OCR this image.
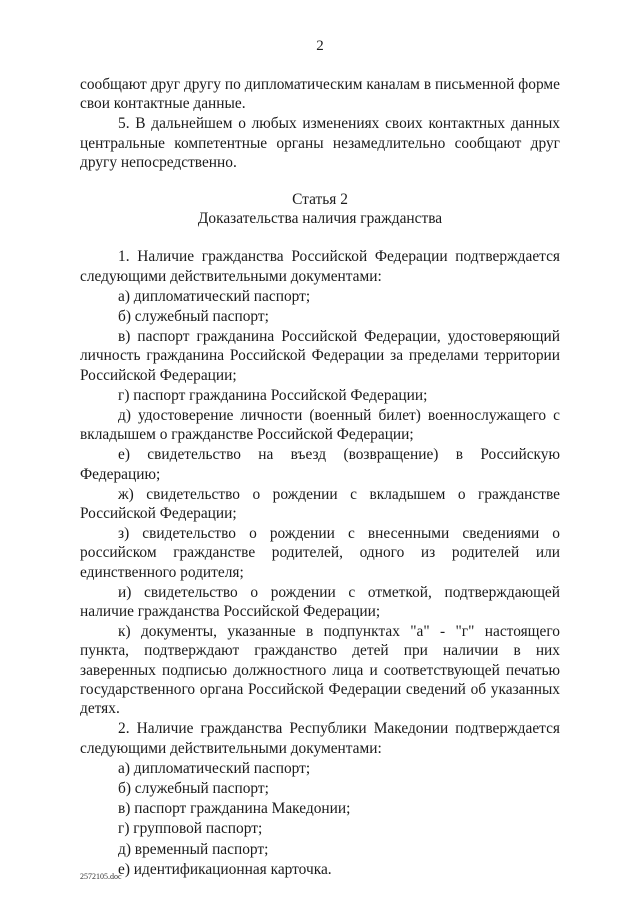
2

сообщают друг другу по дипломатическим каналам в письменной форме свои контактные данные.

5. В дальнейшем о любых изменениях своих контактных данных центральные компетентные органы незамедлительно сообщают друг другу непосредственно.

Статья 2

Доказательства наличия гражданства

1. Наличие гражданства Российской Федерации подтверждается следующими действительными документами:

а) дипломатический паспорт;

б) служебный паспорт;

в) паспорт гражданина Российской Федерации, удостоверяющий личность гражданина Российской Федерации за пределами территории Российской Федерации;

г) паспорт гражданина Российской Федерации;

д) удостоверение личности (военный билет) военнослужащего с вкладышем о гражданстве Российской Федерации;

е) свидетельство на въезд (возвращение) в Российскую Федерацию;

ж) свидетельство о рождении с вкладышем о гражданстве Российской Федерации;

з) свидетельство о рождении с внесенными сведениями о российском гражданстве родителей, одного из родителей или единственного родителя;

и) свидетельство о рождении с отметкой, подтверждающей наличие гражданства Российской Федерации;

к) документы, указанные в подпунктах "а" - "г" настоящего пункта, подтверждают гражданство детей при наличии в них заверенных подписью должностного лица и соответствующей печатью государственного органа Российской Федерации сведений об указанных детях.

2. Наличие гражданства Республики Македонии подтверждается следующими действительными документами:

а) дипломатический паспорт;

б) служебный паспорт;

в) паспорт гражданина Македонии;

г) групповой паспорт;

д) временный паспорт;

е) идентификационная карточка.

2572105.doc
